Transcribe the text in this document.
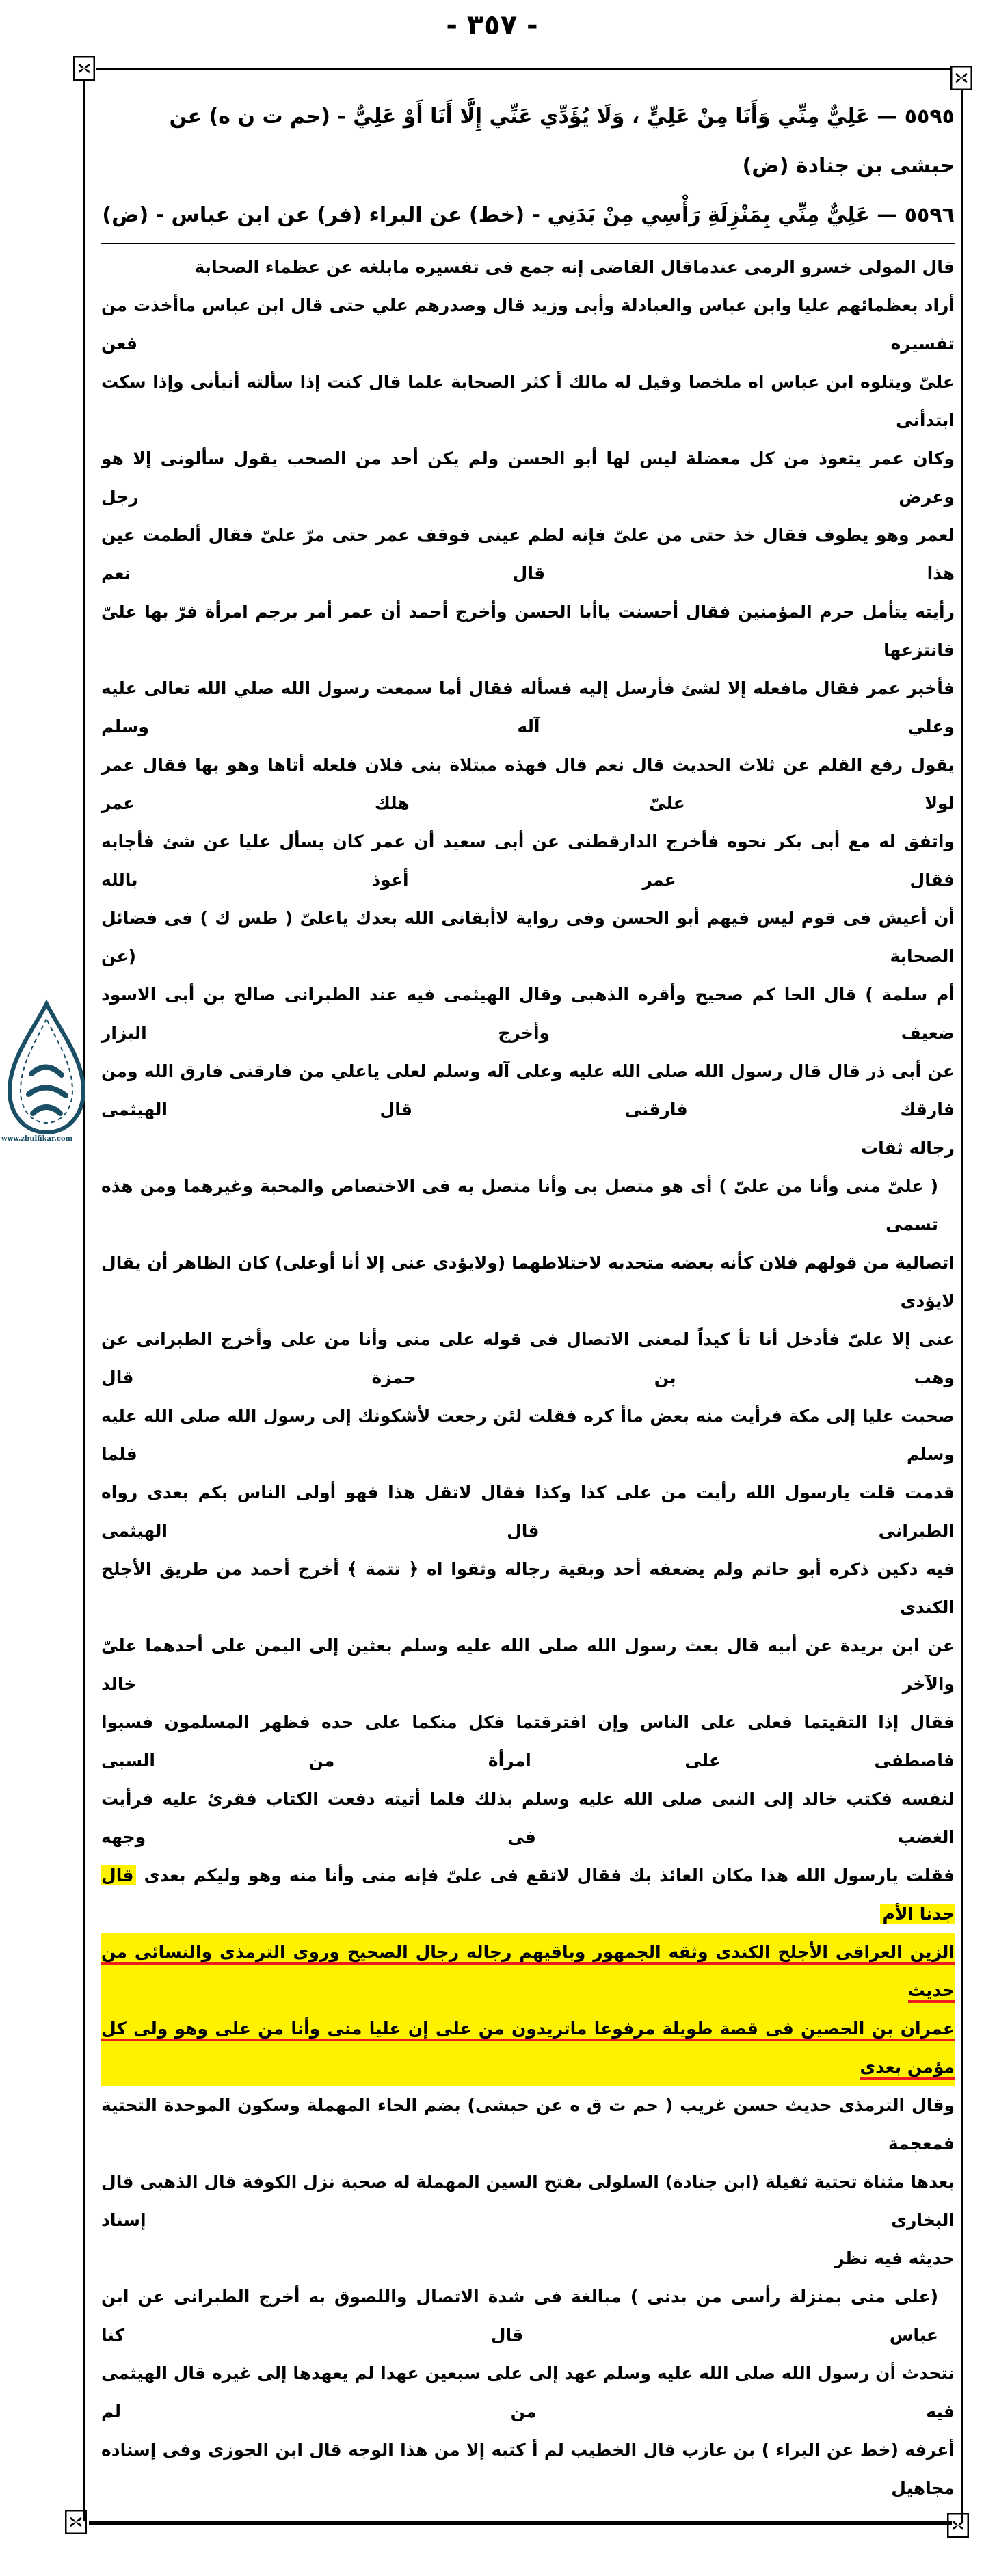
- ٣٥٧ -

٥٥٩٥ — عَلِيٌّ مِنِّي وَأَنَا مِنْ عَلِيٍّ ، وَلَا يُؤَدِّي عَنِّي إِلَّا أَنَا أَوْ عَلِيٌّ - (حم ت ن ه) عن حبشى بن جنادة (ض)

٥٥٩٦ — عَلِيٌّ مِنِّي بِمَنْزِلَةِ رَأْسِي مِنْ بَدَنِي - (خط) عن البراء (فر) عن ابن عباس - (ض)

قال المولى خسرو الرمى عندماقال القاضى إنه جمع فى تفسيره مابلغه عن عظماء الصحابة

أراد بعظمائهم عليا وابن عباس والعبادلة وأبى وزيد قال وصدرهم علي حتى قال ابن عباس ماأخذت من تفسيره فعن

علىّ ويتلوه ابن عباس اه ملخصا وقيل له مالك أ كثر الصحابة علما قال كنت إذا سألته أنبأنى وإذا سكت ابتدأنى

وكان عمر يتعوذ من كل معضلة ليس لها أبو الحسن ولم يكن أحد من الصحب يقول سألونى إلا هو وعرض رجل

لعمر وهو يطوف فقال خذ حتى من علىّ فإنه لطم عينى فوقف عمر حتى مرّ علىّ فقال ألطمت عين هذا قال نعم

رأيته يتأمل حرم المؤمنين فقال أحسنت ياأبا الحسن وأخرج أحمد أن عمر أمر برجم امرأة فرّ بها علىّ فانتزعها

فأخبر عمر فقال مافعله إلا لشئ فأرسل إليه فسأله فقال أما سمعت رسول الله صلي الله تعالى عليه وعلي آله وسلم

يقول رفع القلم عن ثلاث الحديث قال نعم قال فهذه مبتلاة بنى فلان فلعله أتاها وهو بها فقال عمر لولا علىّ هلك عمر

واتفق له مع أبى بكر نحوه فأخرج الدارقطنى عن أبى سعيد أن عمر كان يسأل عليا عن شئ فأجابه فقال عمر أعوذ بالله

أن أعيش فى قوم ليس فيهم أبو الحسن وفى رواية لاأبقانى الله بعدك ياعلىّ ( طس ك ) فى فضائل الصحابة (عن

أم سلمة ) قال الحا كم صحيح وأقره الذهبى وقال الهيثمى فيه عند الطبرانى صالح بن أبى الاسود ضعيف وأخرج البزار

عن أبى ذر قال قال رسول الله صلى الله عليه وعلى آله وسلم لعلى ياعلي من فارقنى فارق الله ومن فارقك فارقنى قال الهيثمى

رجاله ثقات

( علىّ منى وأنا من علىّ ) أى هو متصل بى وأنا متصل به فى الاختصاص والمحبة وغيرهما ومن هذه تسمى

اتصالية من قولهم فلان كأنه بعضه متحدبه لاختلاطهما (ولايؤدى عنى إلا أنا أوعلى) كان الظاهر أن يقال لايؤدى

عنى إلا علىّ فأدخل أنا تأ كيداً لمعنى الاتصال فى قوله على منى وأنا من على وأخرج الطبرانى عن وهب بن حمزة قال

صحبت عليا إلى مكة فرأيت منه بعض ماأ كره فقلت لئن رجعت لأشكونك إلى رسول الله صلى الله عليه وسلم فلما

قدمت قلت يارسول الله رأيت من على كذا وكذا فقال لاتقل هذا فهو أولى الناس بكم بعدى رواه الطبرانى قال الهيثمى

فيه دكين ذكره أبو حاتم ولم يضعفه أحد وبقية رجاله وثقوا اه ﴿ تتمة ﴾ أخرج أحمد من طريق الأجلح الكندى

عن ابن بريدة عن أبيه قال بعث رسول الله صلى الله عليه وسلم بعثين إلى اليمن على أحدهما علىّ والآخر خالد

فقال إذا التقيتما فعلى على الناس وإن افترقتما فكل منكما على حده فظهر المسلمون فسبوا فاصطفى على امرأة من السبى

لنفسه فكتب خالد إلى النبى صلى الله عليه وسلم بذلك فلما أتيته دفعت الكتاب فقرئ عليه فرأيت الغضب فى وجهه

فقلت يارسول الله هذا مكان العائذ بك فقال لاتقع فى علىّ فإنه منى وأنا منه وهو وليكم بعدى قال جدنا الأم

الزين العراقى الأجلح الكندى وثقه الجمهور وباقيهم رجاله رجال الصحيح وروى الترمذى والنسائى من حديث

عمران بن الحصين فى قصة طويلة مرفوعا ماتريدون من على إن عليا منى وأنا من على وهو ولى كل مؤمن بعدى

وقال الترمذى حديث حسن غريب ( حم ت ق ه عن حبشى) بضم الحاء المهملة وسكون الموحدة التحتية فمعجمة

بعدها مثناة تحتية ثقيلة (ابن جنادة) السلولى بفتح السين المهملة له صحبة نزل الكوفة قال الذهبى قال البخارى إسناد

حديثه فيه نظر

(على منى بمنزلة رأسى من بدنى ) مبالغة فى شدة الاتصال واللصوق به أخرج الطبرانى عن ابن عباس قال كنا

نتحدث أن رسول الله صلى الله عليه وسلم عهد إلى على سبعين عهدا لم يعهدها إلى غيره قال الهيثمى فيه من لم

أعرفه (خط عن البراء ) بن عازب قال الخطيب لم أ كتبه إلا من هذا الوجه قال ابن الجوزى وفى إسناده مجاهيل

www.zhulfikar.com
